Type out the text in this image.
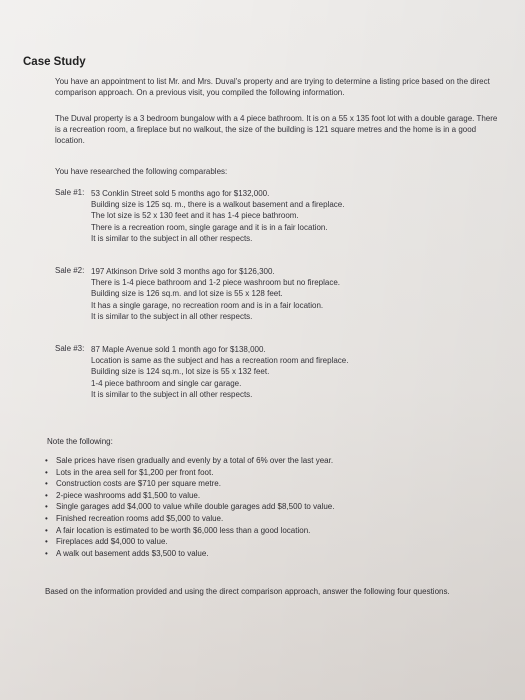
Case Study
You have an appointment to list Mr. and Mrs. Duval's property and are trying to determine a listing price based on the direct comparison approach. On a previous visit, you compiled the following information.
The Duval property is a 3 bedroom bungalow with a 4 piece bathroom. It is on a 55 x 135 foot lot with a double garage. There is a recreation room, a fireplace but no walkout, the size of the building is 121 square metres and the home is in a good location.
You have researched the following comparables:
Sale #1: 53 Conklin Street sold 5 months ago for $132,000.
Building size is 125 sq. m., there is a walkout basement and a fireplace.
The lot size is 52 x 130 feet and it has 1-4 piece bathroom.
There is a recreation room, single garage and it is in a fair location.
It is similar to the subject in all other respects.
Sale #2: 197 Atkinson Drive sold 3 months ago for $126,300.
There is 1-4 piece bathroom and 1-2 piece washroom but no fireplace.
Building size is 126 sq.m. and lot size is 55 x 128 feet.
It has a single garage, no recreation room and is in a fair location.
It is similar to the subject in all other respects.
Sale #3: 87 Maple Avenue sold 1 month ago for $138,000.
Location is same as the subject and has a recreation room and fireplace.
Building size is 124 sq.m., lot size is 55 x 132 feet.
1-4 piece bathroom and single car garage.
It is similar to the subject in all other respects.
Note the following:
• Sale prices have risen gradually and evenly by a total of 6% over the last year.
• Lots in the area sell for $1,200 per front foot.
• Construction costs are $710 per square metre.
• 2-piece washrooms add $1,500 to value.
• Single garages add $4,000 to value while double garages add $8,500 to value.
• Finished recreation rooms add $5,000 to value.
• A fair location is estimated to be worth $6,000 less than a good location.
• Fireplaces add $4,000 to value.
• A walk out basement adds $3,500 to value.
Based on the information provided and using the direct comparison approach, answer the following four questions.
